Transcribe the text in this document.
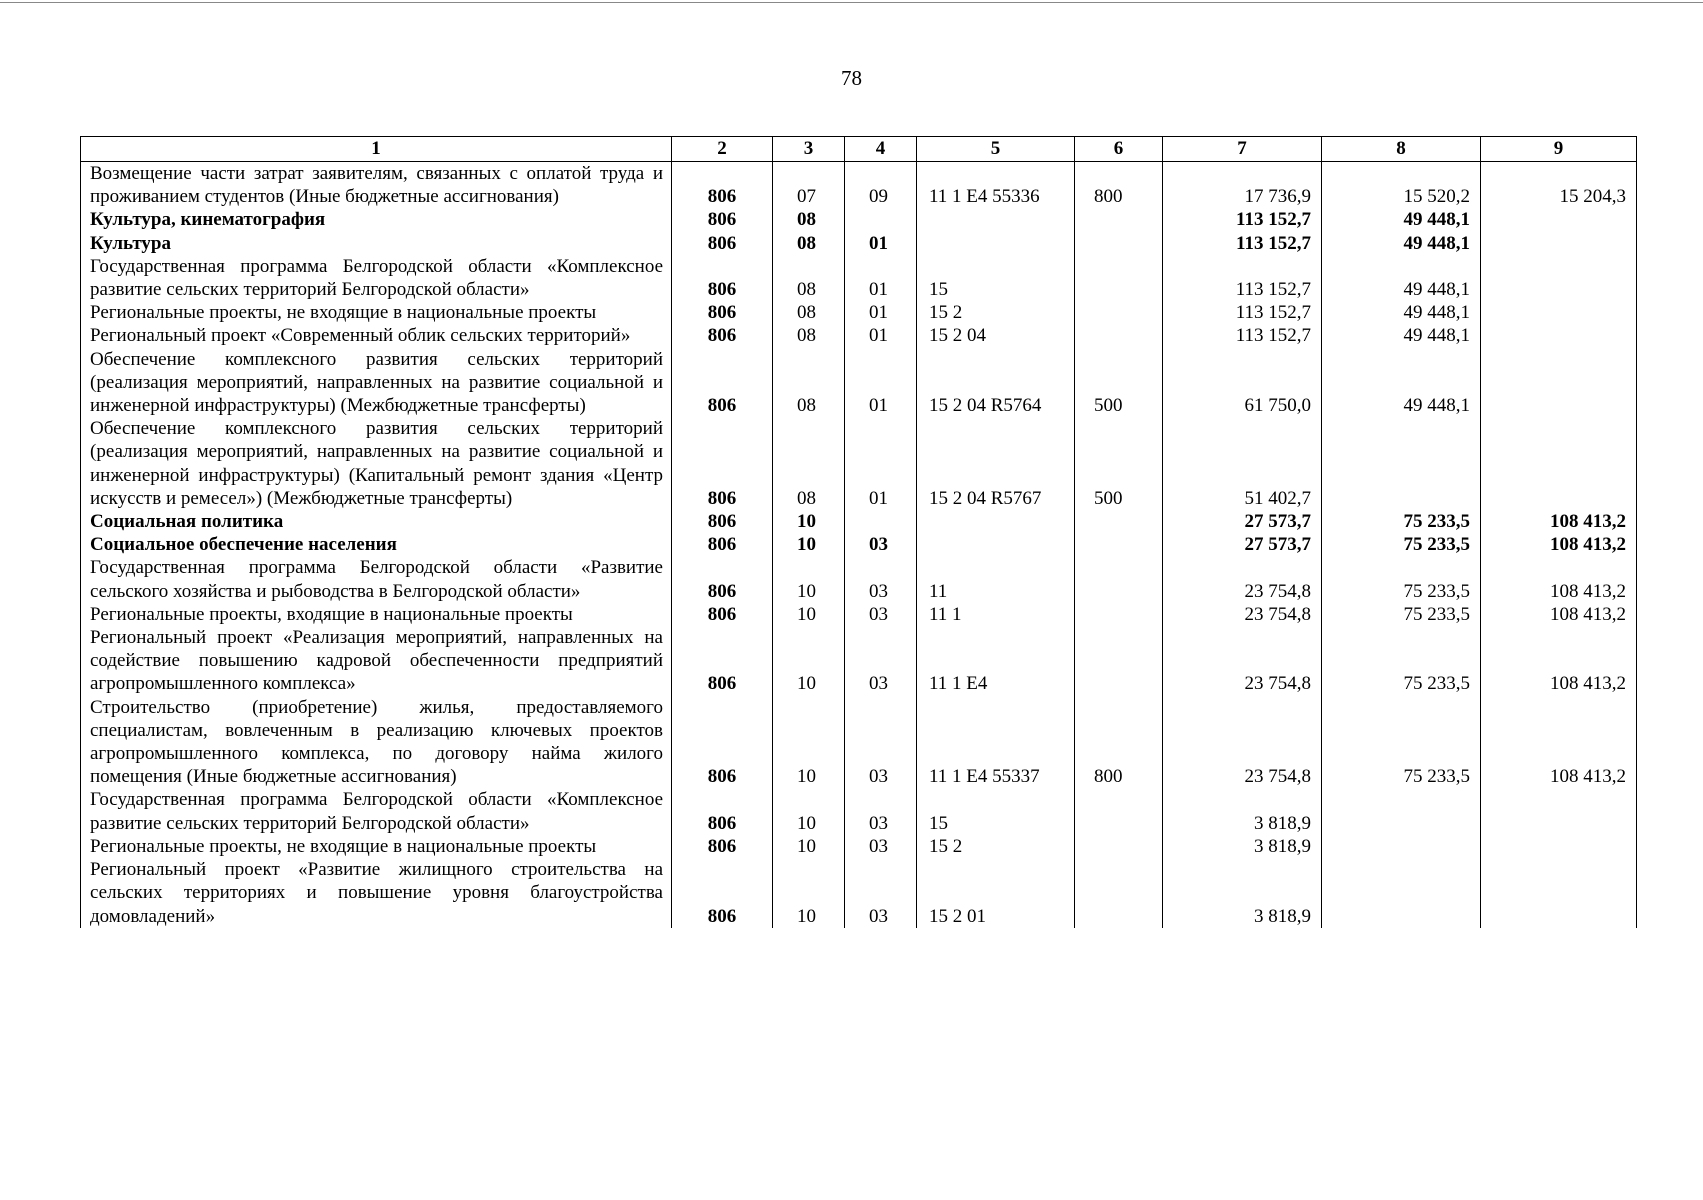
78
1	2	3	4	5	6	7	8	9
Возмещение части затрат заявителям, связанных с оплатой труда и проживанием студентов (Иные бюджетные ассигнования)	806	07	09	11 1 Е4 55336	800	17 736,9	15 520,2	15 204,3
Культура, кинематография	806	08				113 152,7	49 448,1	
Культура	806	08	01			113 152,7	49 448,1	
Государственная программа Белгородской области «Комплексное развитие сельских территорий Белгородской области»	806	08	01	15		113 152,7	49 448,1	
Региональные проекты, не входящие в национальные проекты	806	08	01	15 2		113 152,7	49 448,1	
Региональный проект «Современный облик сельских территорий»	806	08	01	15 2 04		113 152,7	49 448,1	
Обеспечение комплексного развития сельских территорий (реализация мероприятий, направленных на развитие социальной и инженерной инфраструктуры) (Межбюджетные трансферты)	806	08	01	15 2 04 R5764	500	61 750,0	49 448,1	
Обеспечение комплексного развития сельских территорий (реализация мероприятий, направленных на развитие социальной и инженерной инфраструктуры) (Капитальный ремонт здания «Центр искусств и ремесел») (Межбюджетные трансферты)	806	08	01	15 2 04 R5767	500	51 402,7		
Социальная политика	806	10				27 573,7	75 233,5	108 413,2
Социальное обеспечение населения	806	10	03			27 573,7	75 233,5	108 413,2
Государственная программа Белгородской области «Развитие сельского хозяйства и рыбоводства в Белгородской области»	806	10	03	11		23 754,8	75 233,5	108 413,2
Региональные проекты, входящие в национальные проекты	806	10	03	11 1		23 754,8	75 233,5	108 413,2
Региональный проект «Реализация мероприятий, направленных на содействие повышению кадровой обеспеченности предприятий агропромышленного комплекса»	806	10	03	11 1 Е4		23 754,8	75 233,5	108 413,2
Строительство (приобретение) жилья, предоставляемого специалистам, вовлеченным в реализацию ключевых проектов агропромышленного комплекса, по договору найма жилого помещения (Иные бюджетные ассигнования)	806	10	03	11 1 Е4 55337	800	23 754,8	75 233,5	108 413,2
Государственная программа Белгородской области «Комплексное развитие сельских территорий Белгородской области»	806	10	03	15		3 818,9		
Региональные проекты, не входящие в национальные проекты	806	10	03	15 2		3 818,9		
Региональный проект «Развитие жилищного строительства на сельских территориях и повышение уровня благоустройства домовладений»	806	10	03	15 2 01		3 818,9		
